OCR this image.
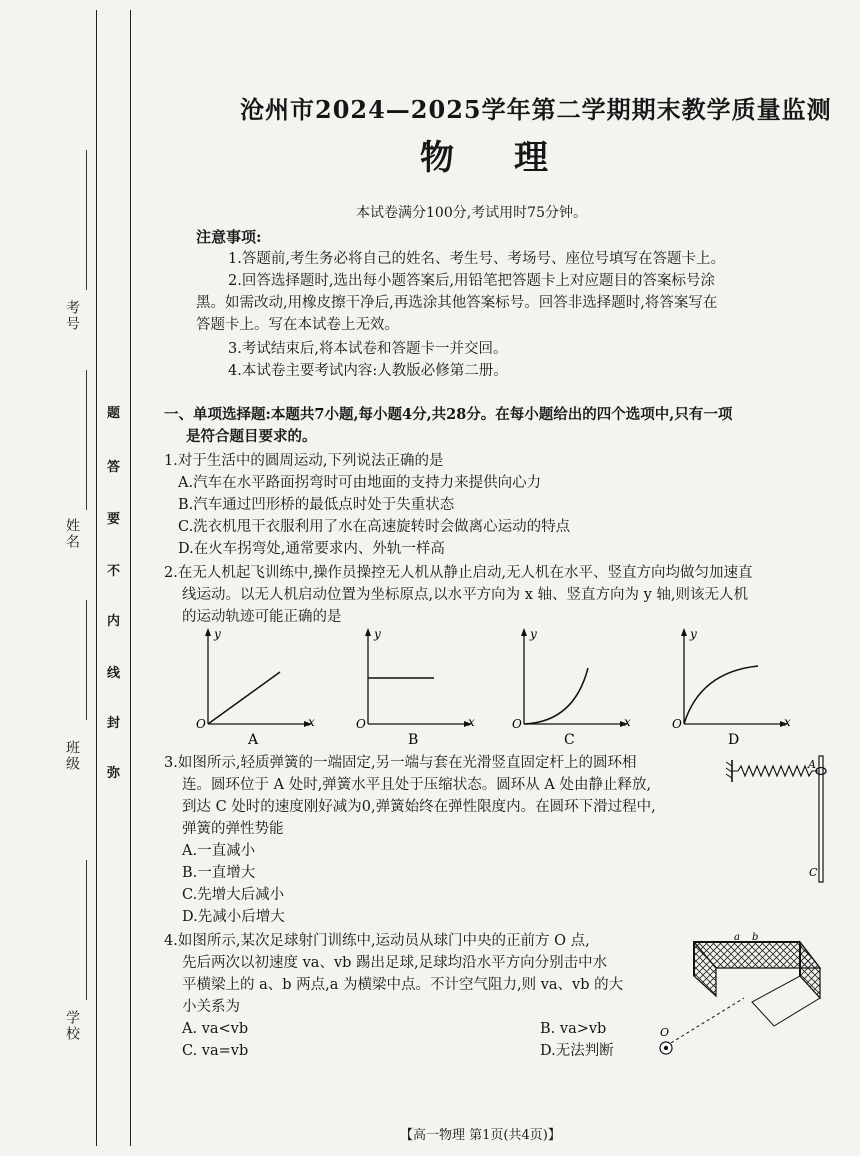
考号
姓名
班级
学校
题
答
要
不
内
线
封
弥
沧州市2024—2025学年第二学期期末教学质量监测
物理
本试卷满分100分,考试用时75分钟。
注意事项:
1.答题前,考生务必将自己的姓名、考生号、考场号、座位号填写在答题卡上。
2.回答选择题时,选出每小题答案后,用铅笔把答题卡上对应题目的答案标号涂
黑。如需改动,用橡皮擦干净后,再选涂其他答案标号。回答非选择题时,将答案写在
答题卡上。写在本试卷上无效。
3.考试结束后,将本试卷和答题卡一并交回。
4.本试卷主要考试内容:人教版必修第二册。
一、单项选择题:本题共7小题,每小题4分,共28分。在每小题给出的四个选项中,只有一项
是符合题目要求的。
1.对于生活中的圆周运动,下列说法正确的是
A.汽车在水平路面拐弯时可由地面的支持力来提供向心力
B.汽车通过凹形桥的最低点时处于失重状态
C.洗衣机甩干衣服利用了水在高速旋转时会做离心运动的特点
D.在火车拐弯处,通常要求内、外轨一样高
2.在无人机起飞训练中,操作员操控无人机从静止启动,无人机在水平、竖直方向均做匀加速直
线运动。以无人机启动位置为坐标原点,以水平方向为 x 轴、竖直方向为 y 轴,则该无人机
的运动轨迹可能正确的是
y
x
O
A
y
x
O
B
y
x
O
C
y
x
O
D
3.如图所示,轻质弹簧的一端固定,另一端与套在光滑竖直固定杆上的圆环相
连。圆环位于 A 处时,弹簧水平且处于压缩状态。圆环从 A 处由静止释放,
到达 C 处时的速度刚好减为0,弹簧始终在弹性限度内。在圆环下滑过程中,
弹簧的弹性势能
A.一直减小
B.一直增大
C.先增大后减小
D.先减小后增大
A
C
4.如图所示,某次足球射门训练中,运动员从球门中央的正前方 O 点,
先后两次以初速度 va、vb 踢出足球,足球均沿水平方向分别击中水
平横梁上的 a、b 两点,a 为横梁中点。不计空气阻力,则 va、vb 的大
小关系为
A. va<vb	B. va>vb
C. va=vb	D.无法判断
O
a b
【高一物理 第1页(共4页)】
